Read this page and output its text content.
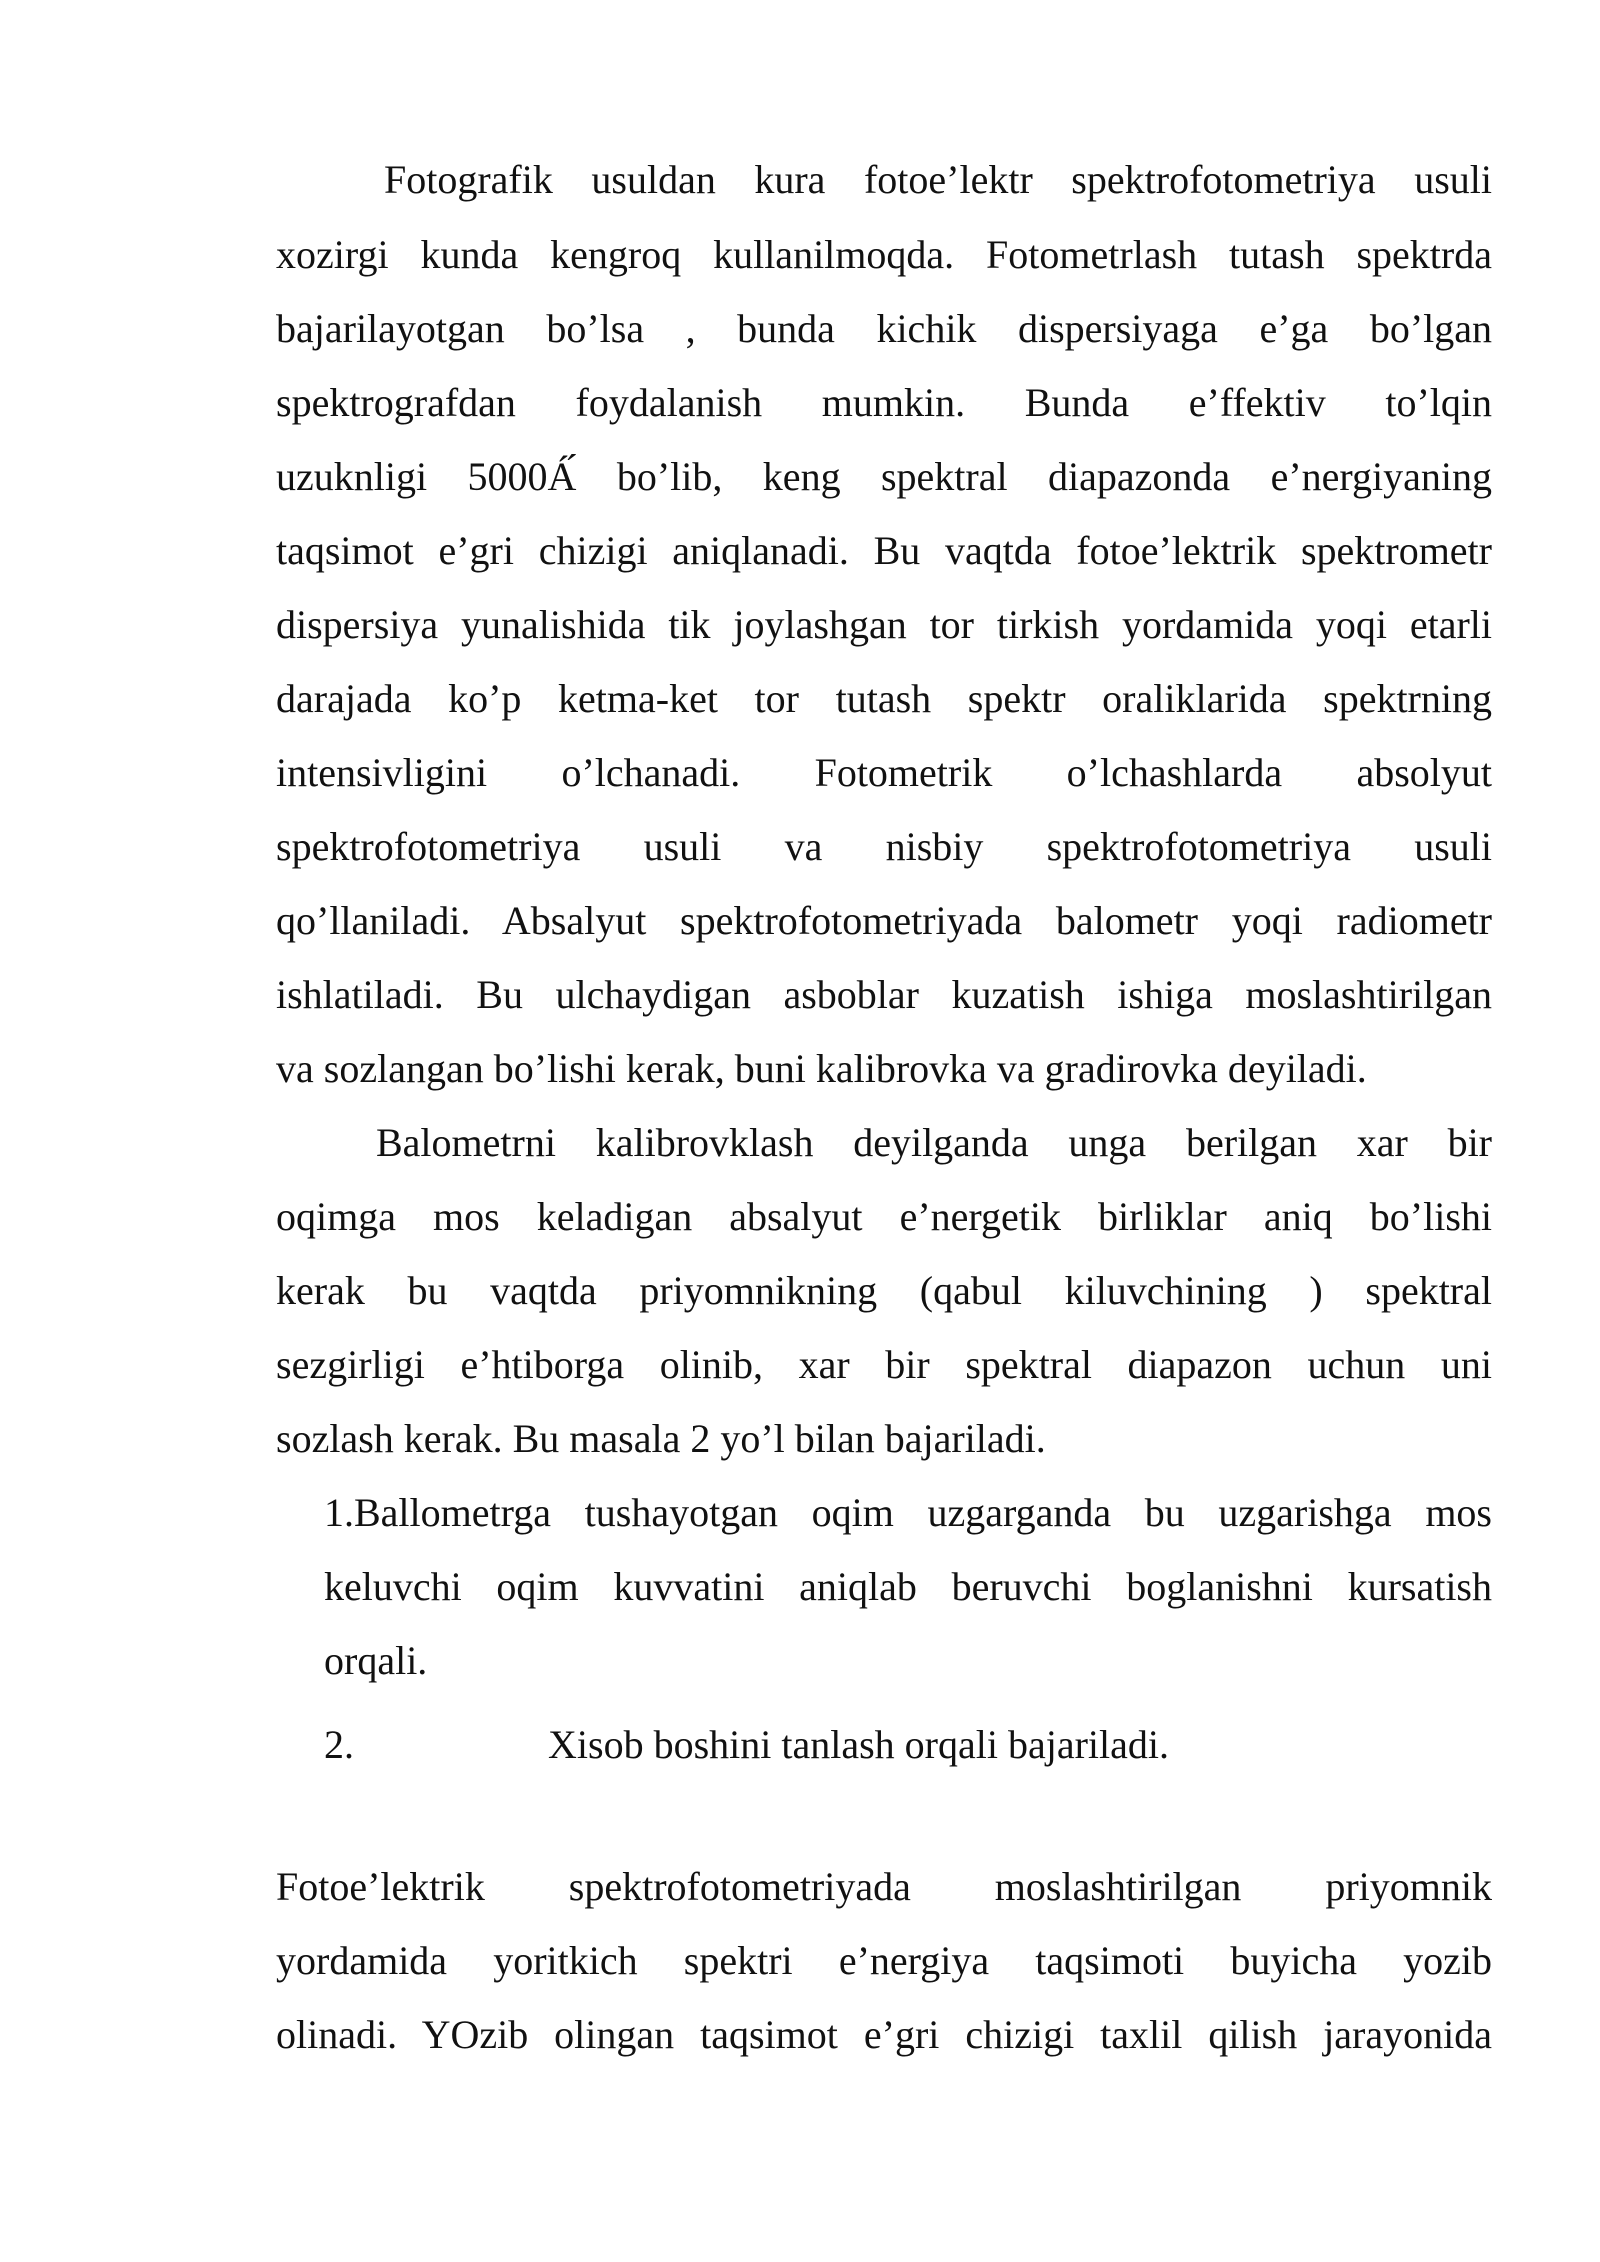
Fotografik usuldan kura fotoe’lektr spektrofotometriya usuli
xozirgi kunda kengroq kullanilmoqda. Fotometrlash tutash spektrda
bajarilayotgan bo’lsa , bunda kichik dispersiyaga e’ga bo’lgan
spektrografdan foydalanish mumkin. Bunda e’ffektiv to’lqin
uzuknligi 5000Á́ bo’lib, keng spektral diapazonda e’nergiyaning
taqsimot e’gri chizigi aniqlanadi. Bu vaqtda fotoe’lektrik spektrometr
dispersiya yunalishida tik joylashgan tor tirkish yordamida yoqi etarli
darajada ko’p ketma-ket tor tutash spektr oraliklarida spektrning
intensivligini o’lchanadi. Fotometrik o’lchashlarda absolyut
spektrofotometriya usuli va nisbiy spektrofotometriya usuli
qo’llaniladi. Absalyut spektrofotometriyada balometr yoqi radiometr
ishlatiladi. Bu ulchaydigan asboblar kuzatish ishiga moslashtirilgan
va sozlangan bo’lishi kerak, buni kalibrovka va gradirovka deyiladi.
Balometrni kalibrovklash deyilganda unga berilgan xar bir
oqimga mos keladigan absalyut e’nergetik birliklar aniq bo’lishi
kerak bu vaqtda priyomnikning (qabul kiluvchining ) spektral
sezgirligi e’htiborga olinib, xar bir spektral diapazon uchun uni
sozlash kerak. Bu masala 2 yo’l bilan bajariladi.
1.Ballometrga tushayotgan oqim uzgarganda bu uzgarishga mos
keluvchi oqim kuvvatini aniqlab beruvchi boglanishni kursatish
orqali.
2.	Xisob boshini tanlash orqali bajariladi.
Fotoe’lektrik spektrofotometriyada moslashtirilgan priyomnik
yordamida yoritkich spektri e’nergiya taqsimoti buyicha yozib
olinadi. YOzib olingan taqsimot e’gri chizigi taxlil qilish jarayonida
